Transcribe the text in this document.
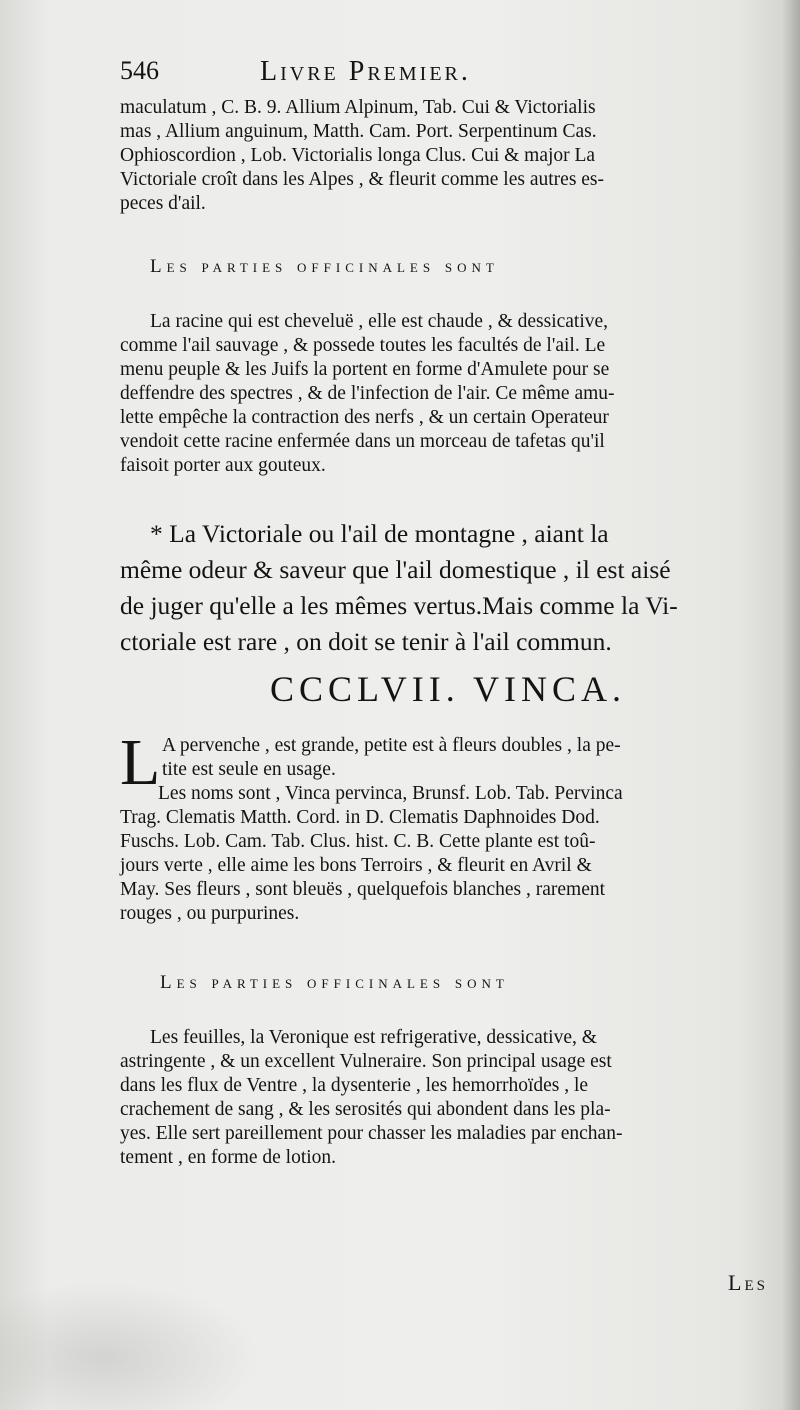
546	Livre Premier.
maculatum , C. B. 9. Allium Alpinum, Tab. Cui & Victorialis
mas , Allium anguinum, Matth. Cam. Port. Serpentinum Cas.
Ophioscordion , Lob. Victorialis longa Clus. Cui & major La
Victoriale croît dans les Alpes , & fleurit comme les autres es-
peces d'ail.
Les parties officinales sont
La racine qui est cheveluë , elle est chaude , & dessicative,
comme l'ail sauvage , & possede toutes les facultés de l'ail. Le
menu peuple & les Juifs la portent en forme d'Amulete pour se
deffendre des spectres , & de l'infection de l'air. Ce même amu-
lette empêche la contraction des nerfs , & un certain Operateur
vendoit cette racine enfermée dans un morceau de tafetas qu'il
faisoit porter aux gouteux.
* La Victoriale ou l'ail de montagne , aiant la
même odeur & saveur que l'ail domestique , il est aisé
de juger qu'elle a les mêmes vertus.Mais comme la Vi-
ctoriale est rare , on doit se tenir à l'ail commun.
CCCLVII. VINCA.
L A pervenche , est grande, petite est à fleurs doubles , la pe-
tite est seule en usage.
Les noms sont , Vinca pervinca, Brunsf. Lob. Tab. Pervinca
Trag. Clematis Matth. Cord. in D. Clematis Daphnoides Dod.
Fuschs. Lob. Cam. Tab. Clus. hist. C. B. Cette plante est toû-
jours verte , elle aime les bons Terroirs , & fleurit en Avril &
May. Ses fleurs , sont bleuës , quelquefois blanches , rarement
rouges , ou purpurines.
Les parties officinales sont
Les feuilles, la Veronique est refrigerative, dessicative, &
astringente , & un excellent Vulneraire. Son principal usage est
dans les flux de Ventre , la dysenterie , les hemorrhoïdes , le
crachement de sang , & les serosités qui abondent dans les pla-
yes. Elle sert pareillement pour chasser les maladies par enchan-
tement , en forme de lotion.
Les
